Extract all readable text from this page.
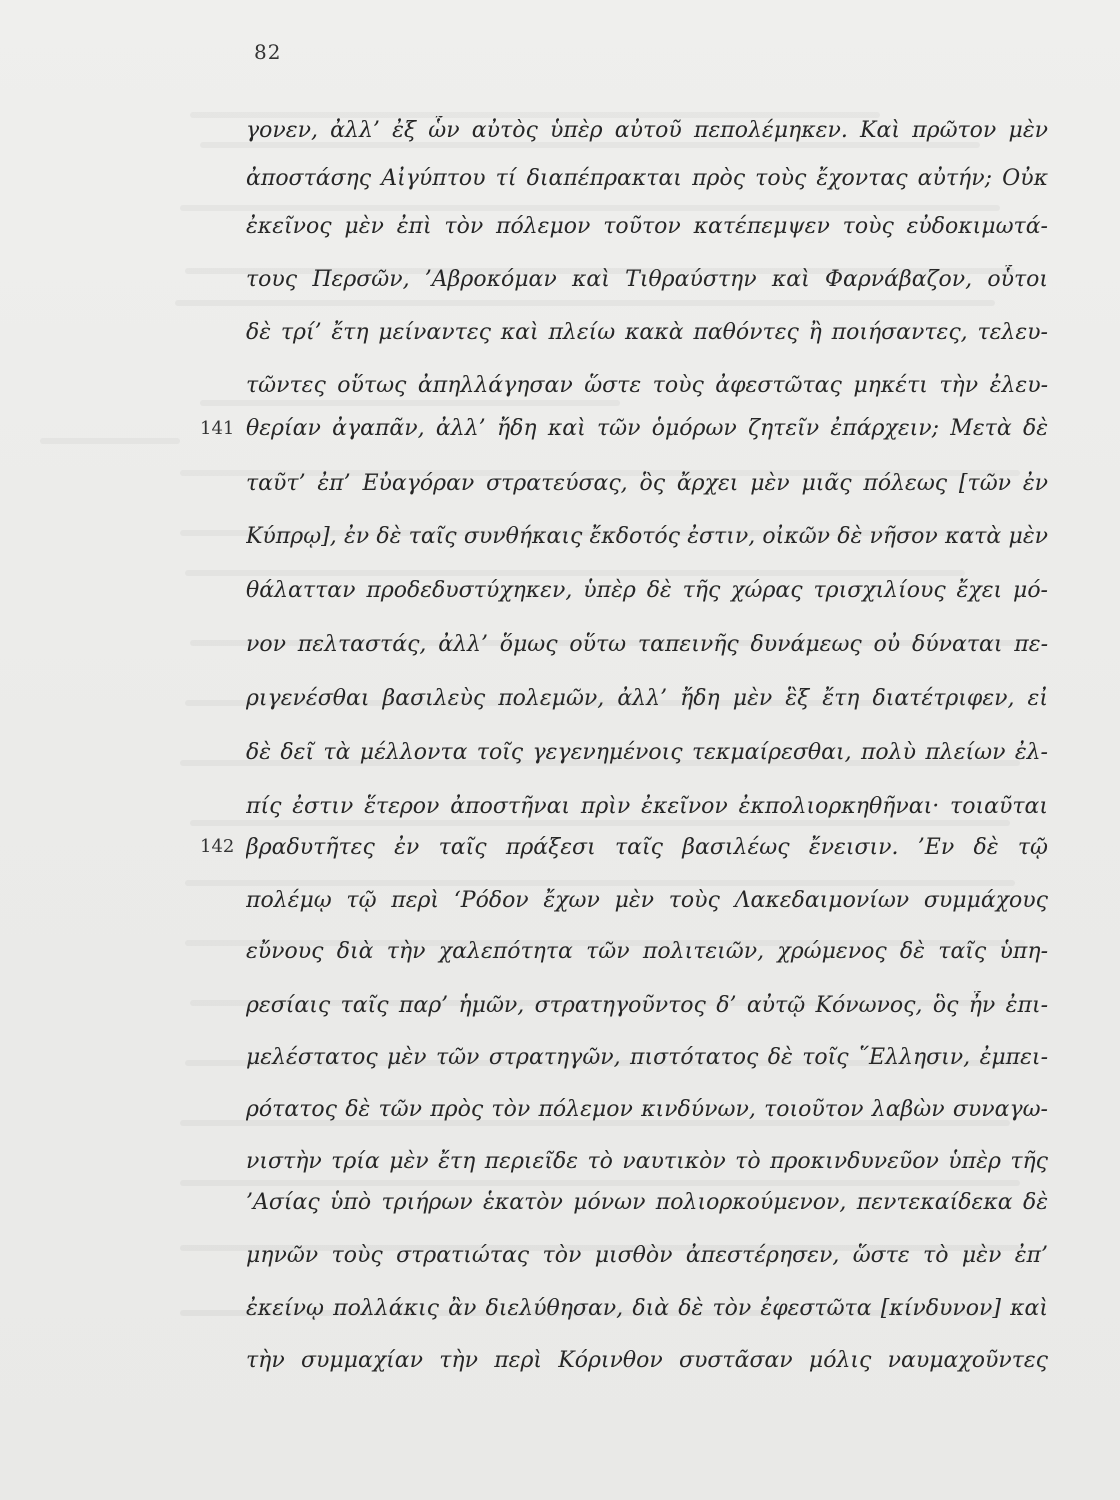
82
γονεν, ἀλλ’ ἐξ ὧν αὐτὸς ὑπὲρ αὐτοῦ πεπολέμηκεν. Καὶ πρῶτον μὲν
ἀποστάσης Αἰγύπτου τί διαπέπρακται πρὸς τοὺς ἔχοντας αὐτήν; Οὐκ
ἐκεῖνος μὲν ἐπὶ τὸν πόλεμον τοῦτον κατέπεμψεν τοὺς εὐδοκιμωτά-
τους Περσῶν, ’Αβροκόμαν καὶ Τιθραύστην καὶ Φαρνάβαζον, οὗτοι
δὲ τρί’ ἔτη μείναντες καὶ πλείω κακὰ παθόντες ἢ ποιήσαντες, τελευ-
τῶντες οὕτως ἀπηλλάγησαν ὥστε τοὺς ἀφεστῶτας μηκέτι τὴν ἐλευ-
141 θερίαν ἀγαπᾶν, ἀλλ’ ἤδη καὶ τῶν ὁμόρων ζητεῖν ἐπάρχειν; Μετὰ δὲ
ταῦτ’ ἐπ’ Εὐαγόραν στρατεύσας, ὃς ἄρχει μὲν μιᾶς πόλεως [τῶν ἐν
Κύπρῳ], ἐν δὲ ταῖς συνθήκαις ἔκδοτός ἐστιν, οἰκῶν δὲ νῆσον κατὰ μὲν
θάλατταν προδεδυστύχηκεν, ὑπὲρ δὲ τῆς χώρας τρισχιλίους ἔχει μό-
νον πελταστάς, ἀλλ’ ὅμως οὕτω ταπεινῆς δυνάμεως οὐ δύναται πε-
ριγενέσθαι βασιλεὺς πολεμῶν, ἀλλ’ ἤδη μὲν ἓξ ἔτη διατέτριφεν, εἰ
δὲ δεῖ τὰ μέλλοντα τοῖς γεγενημένοις τεκμαίρεσθαι, πολὺ πλείων ἐλ-
πίς ἐστιν ἕτερον ἀποστῆναι πρὶν ἐκεῖνον ἐκπολιορκηθῆναι· τοιαῦται
142 βραδυτῆτες ἐν ταῖς πράξεσι ταῖς βασιλέως ἔνεισιν. ’Εν δὲ τῷ
πολέμῳ τῷ περὶ ‘Ρόδον ἔχων μὲν τοὺς Λακεδαιμονίων συμμάχους
εὔνους διὰ τὴν χαλεπότητα τῶν πολιτειῶν, χρώμενος δὲ ταῖς ὑπη-
ρεσίαις ταῖς παρ’ ἡμῶν, στρατηγοῦντος δ’ αὐτῷ Κόνωνος, ὃς ἦν ἐπι-
μελέστατος μὲν τῶν στρατηγῶν, πιστότατος δὲ τοῖς ῞Ελλησιν, ἐμπει-
ρότατος δὲ τῶν πρὸς τὸν πόλεμον κινδύνων, τοιοῦτον λαβὼν συναγω-
νιστὴν τρία μὲν ἔτη περιεῖδε τὸ ναυτικὸν τὸ προκινδυνεῦον ὑπὲρ τῆς
’Ασίας ὑπὸ τριήρων ἑκατὸν μόνων πολιορκούμενον, πεντεκαίδεκα δὲ
μηνῶν τοὺς στρατιώτας τὸν μισθὸν ἀπεστέρησεν, ὥστε τὸ μὲν ἐπ’
ἐκείνῳ πολλάκις ἂν διελύθησαν, διὰ δὲ τὸν ἐφεστῶτα [κίνδυνον] καὶ
τὴν συμμαχίαν τὴν περὶ Κόρινθον συστᾶσαν μόλις ναυμαχοῦντες
